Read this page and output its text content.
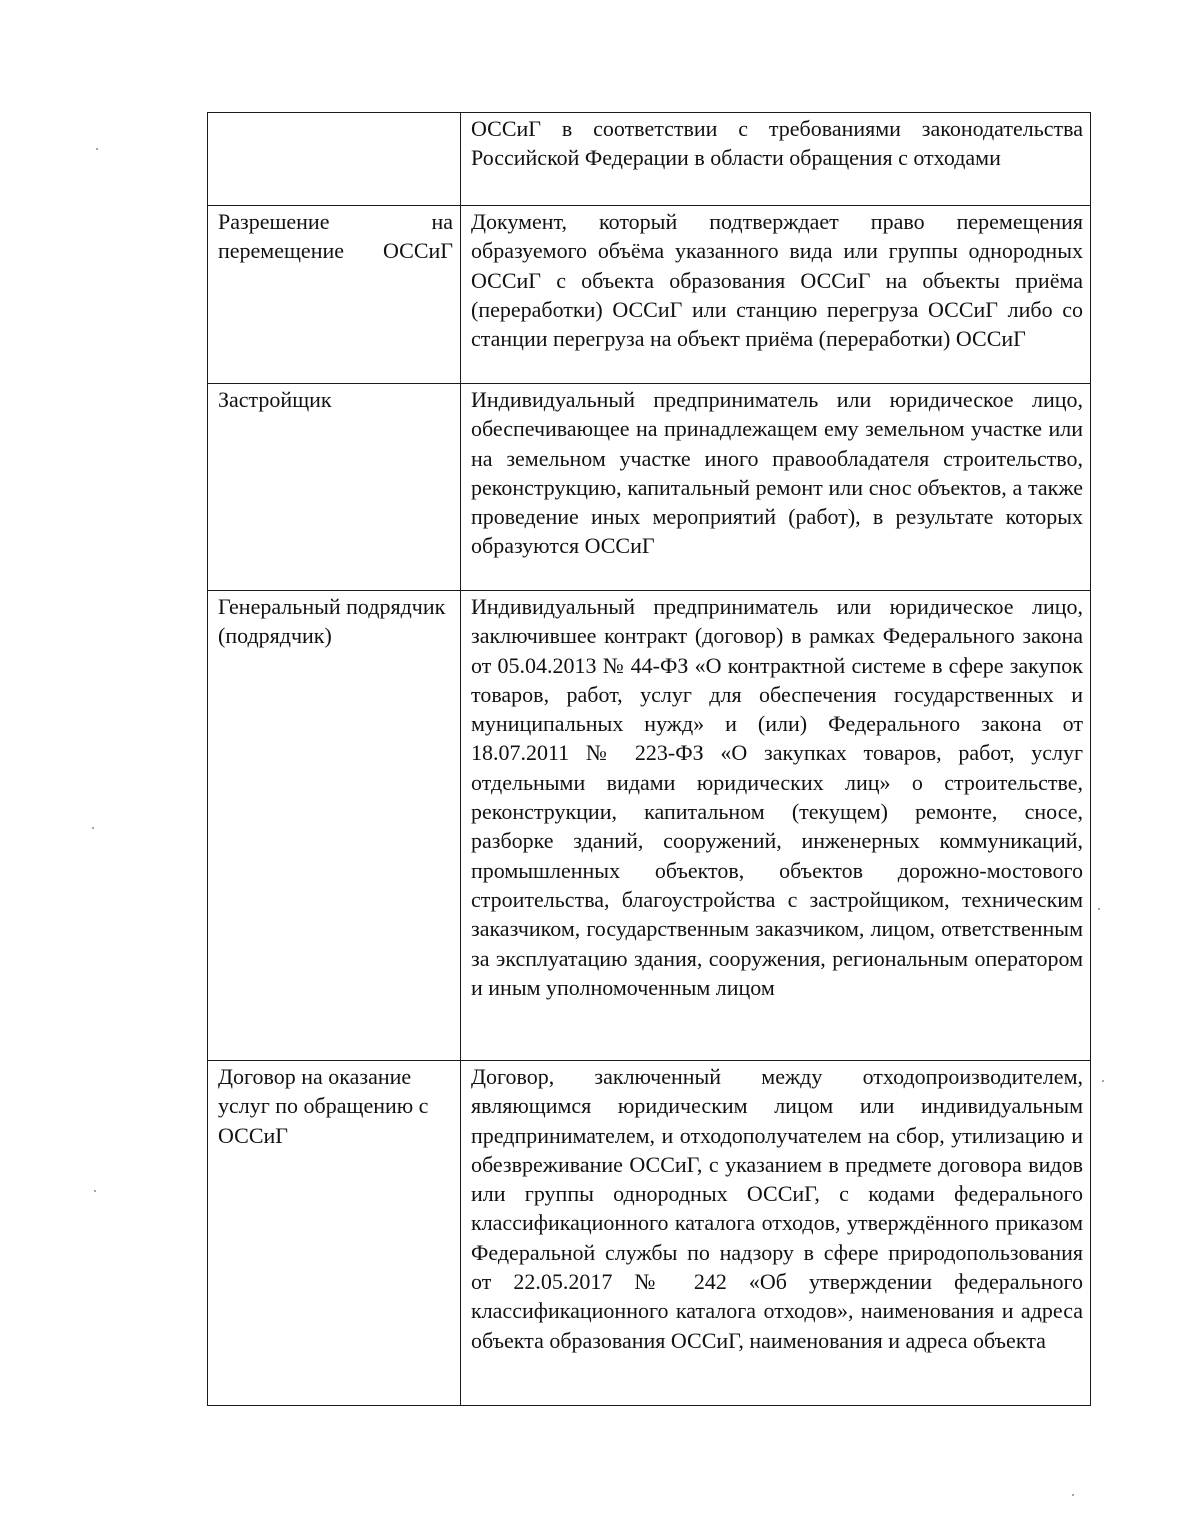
	ОССиГ в соответствии с требованиями законодательства Российской Федерации в области обращения с отходами
Разрешение на перемещение ОССиГ	Документ, который подтверждает право перемещения образуемого объёма указанного вида или группы однородных ОССиГ с объекта образования ОССиГ на объекты приёма (переработки) ОССиГ или станцию перегруза ОССиГ либо со станции перегруза на объект приёма (переработки) ОССиГ
Застройщик	Индивидуальный предприниматель или юридическое лицо, обеспечивающее на принадлежащем ему земельном участке или на земельном участке иного правообладателя строительство, реконструкцию, капитальный ремонт или снос объектов, а также проведение иных мероприятий (работ), в результате которых образуются ОССиГ
Генеральный подрядчик (подрядчик)	Индивидуальный предприниматель или юридическое лицо, заключившее контракт (договор) в рамках Федерального закона от 05.04.2013 № 44-ФЗ «О контрактной системе в сфере закупок товаров, работ, услуг для обеспечения государственных и муниципальных нужд» и (или) Федерального закона от 18.07.2011 № 223-ФЗ «О закупках товаров, работ, услуг отдельными видами юридических лиц» о строительстве, реконструкции, капитальном (текущем) ремонте, сносе, разборке зданий, сооружений, инженерных коммуникаций, промышленных объектов, объектов дорожно-мостового строительства, благоустройства с застройщиком, техническим заказчиком, государственным заказчиком, лицом, ответственным за эксплуатацию здания, сооружения, региональным оператором и иным уполномоченным лицом
Договор на оказание услуг по обращению с ОССиГ	Договор, заключенный между отходопроизводителем, являющимся юридическим лицом или индивидуальным предпринимателем, и отходополучателем на сбор, утилизацию и обезвреживание ОССиГ, с указанием в предмете договора видов или группы однородных ОССиГ, с кодами федерального классификационного каталога отходов, утверждённого приказом Федеральной службы по надзору в сфере природопользования от 22.05.2017 № 242 «Об утверждении федерального классификационного каталога отходов», наименования и адреса объекта образования ОССиГ, наименования и адреса объекта
